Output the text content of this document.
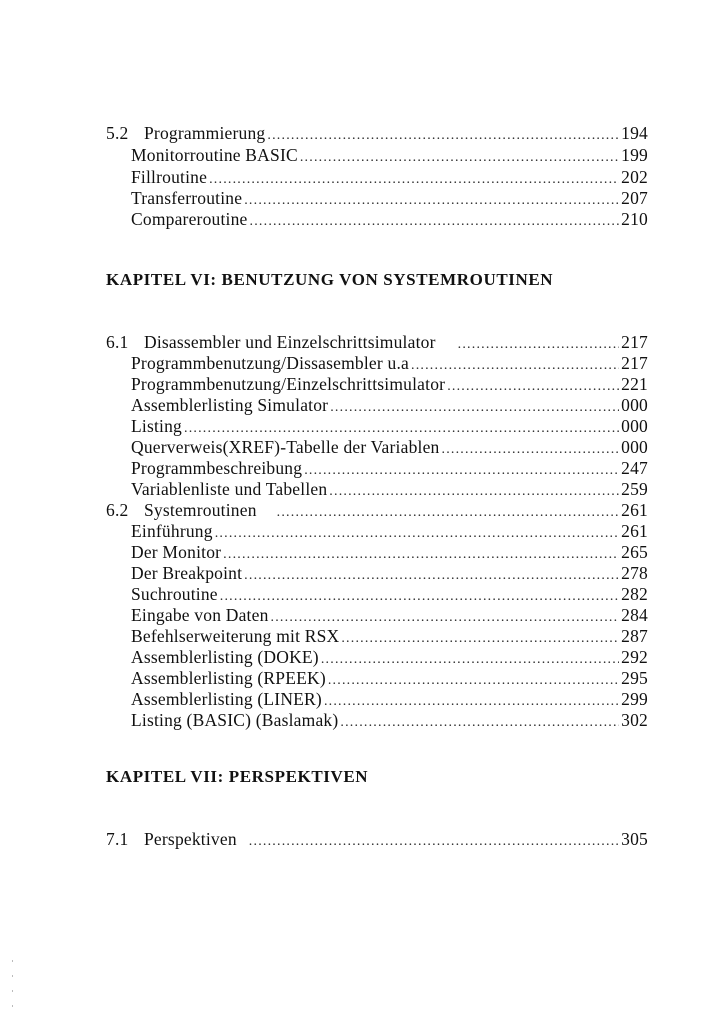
5.2 Programmierung .....	194
Monitorroutine BASIC .....	199
Fillroutine .....	202
Transferroutine .....	207
Compareroutine .....	210
KAPITEL VI: BENUTZUNG VON SYSTEMROUTINEN
6.1 Disassembler und Einzelschrittsimulator .....	217
Programmbenutzung/Dissasembler u.a .....	217
Programmbenutzung/Einzelschrittsimulator .....	221
Assemblerlisting Simulator .....	000
Listing .....	000
Querverweis(XREF)-Tabelle der Variablen .....	000
Programmbeschreibung .....	247
Variablenliste und Tabellen .....	259
6.2 Systemroutinen .....	261
Einführung .....	261
Der Monitor .....	265
Der Breakpoint .....	278
Suchroutine .....	282
Eingabe von Daten .....	284
Befehlserweiterung mit RSX .....	287
Assemblerlisting (DOKE) .....	292
Assemblerlisting (RPEEK) .....	295
Assemblerlisting (LINER) .....	299
Listing (BASIC) (Baslamak) .....	302
KAPITEL VII: PERSPEKTIVEN
7.1 Perspektiven .....	305
